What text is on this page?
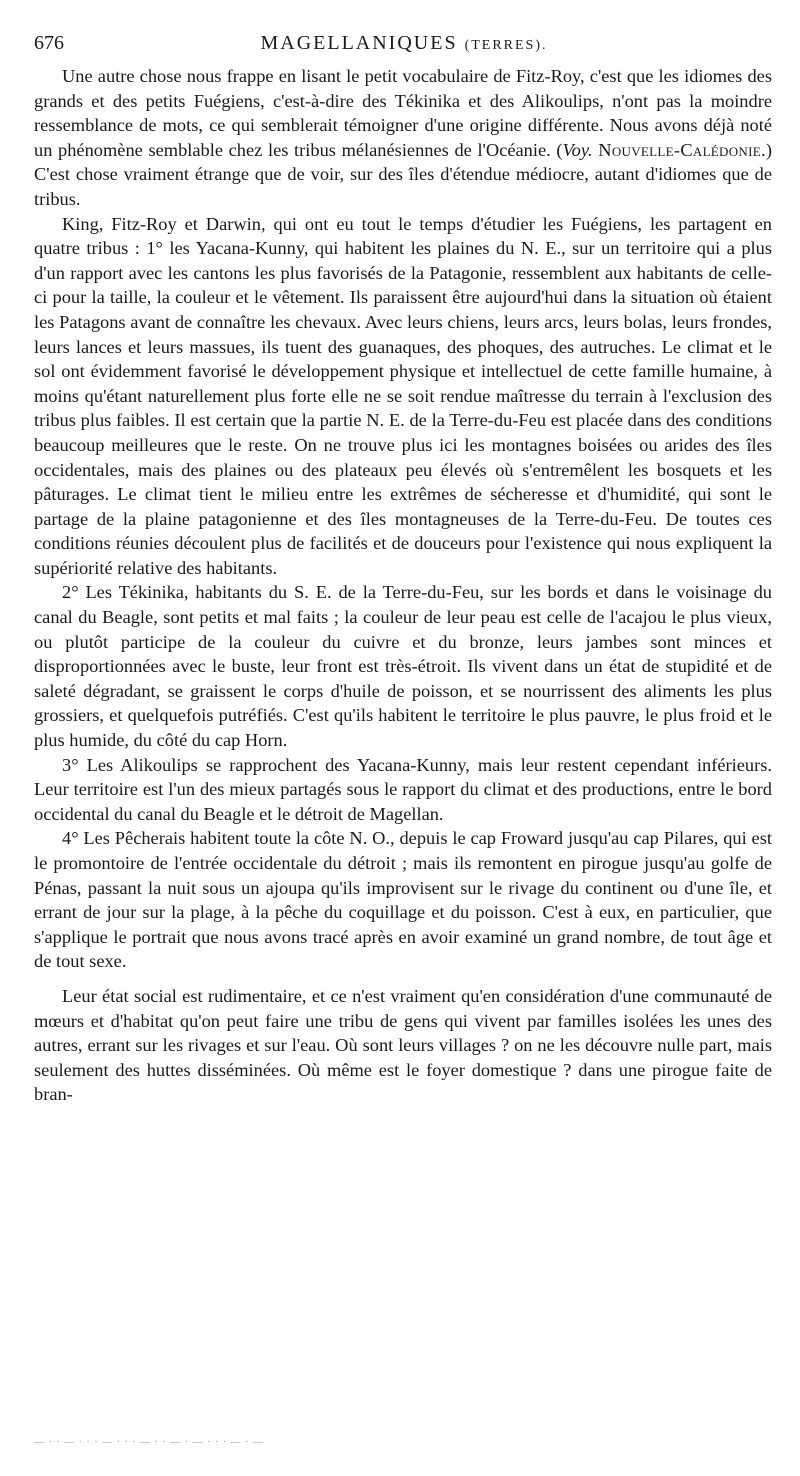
676	MAGELLANIQUES (TERRES).

Une autre chose nous frappe en lisant le petit vocabulaire de Fitz-Roy, c'est que les idiomes des grands et des petits Fuégiens, c'est-à-dire des Tékinika et des Alikoulips, n'ont pas la moindre ressemblance de mots, ce qui semblerait témoigner d'une origine différente. Nous avons déjà noté un phénomène semblable chez les tribus mélanésiennes de l'Océanie. (Voy. Nouvelle-Calédonie.) C'est chose vraiment étrange que de voir, sur des îles d'étendue médiocre, autant d'idiomes que de tribus.

King, Fitz-Roy et Darwin, qui ont eu tout le temps d'étudier les Fuégiens, les partagent en quatre tribus : 1° les Yacana-Kunny, qui habitent les plaines du N. E., sur un territoire qui a plus d'un rapport avec les cantons les plus favorisés de la Patagonie, ressemblent aux habitants de celle-ci pour la taille, la couleur et le vêtement. Ils paraissent être aujourd'hui dans la situation où étaient les Patagons avant de connaître les chevaux. Avec leurs chiens, leurs arcs, leurs bolas, leurs frondes, leurs lances et leurs massues, ils tuent des guanaques, des phoques, des autruches. Le climat et le sol ont évidemment favorisé le développement physique et intellectuel de cette famille humaine, à moins qu'étant naturellement plus forte elle ne se soit rendue maîtresse du terrain à l'exclusion des tribus plus faibles. Il est certain que la partie N. E. de la Terre-du-Feu est placée dans des conditions beaucoup meilleures que le reste. On ne trouve plus ici les montagnes boisées ou arides des îles occidentales, mais des plaines ou des plateaux peu élevés où s'entremêlent les bosquets et les pâturages. Le climat tient le milieu entre les extrêmes de sécheresse et d'humidité, qui sont le partage de la plaine patagonienne et des îles montagneuses de la Terre-du-Feu. De toutes ces conditions réunies découlent plus de facilités et de douceurs pour l'existence qui nous expliquent la supériorité relative des habitants.

2° Les Tékinika, habitants du S. E. de la Terre-du-Feu, sur les bords et dans le voisinage du canal du Beagle, sont petits et mal faits ; la couleur de leur peau est celle de l'acajou le plus vieux, ou plutôt participe de la couleur du cuivre et du bronze, leurs jambes sont minces et disproportionnées avec le buste, leur front est très-étroit. Ils vivent dans un état de stupidité et de saleté dégradant, se graissent le corps d'huile de poisson, et se nourrissent des aliments les plus grossiers, et quelquefois putréfiés. C'est qu'ils habitent le territoire le plus pauvre, le plus froid et le plus humide, du côté du cap Horn.

3° Les Alikoulips se rapprochent des Yacana-Kunny, mais leur restent cependant inférieurs. Leur territoire est l'un des mieux partagés sous le rapport du climat et des productions, entre le bord occidental du canal du Beagle et le détroit de Magellan.

4° Les Pêcherais habitent toute la côte N. O., depuis le cap Froward jusqu'au cap Pilares, qui est le promontoire de l'entrée occidentale du détroit ; mais ils remontent en pirogue jusqu'au golfe de Pénas, passant la nuit sous un ajoupa qu'ils improvisent sur le rivage du continent ou d'une île, et errant de jour sur la plage, à la pêche du coquillage et du poisson. C'est à eux, en particulier, que s'applique le portrait que nous avons tracé après en avoir examiné un grand nombre, de tout âge et de tout sexe.

Leur état social est rudimentaire, et ce n'est vraiment qu'en considération d'une communauté de mœurs et d'habitat qu'on peut faire une tribu de gens qui vivent par familles isolées les unes des autres, errant sur les rivages et sur l'eau. Où sont leurs villages ? on ne les découvre nulle part, mais seulement des huttes disséminées. Où même est le foyer domestique ? dans une pirogue faite de bran-

— · · — · · · — · · · — · · — · — · · · — · —
